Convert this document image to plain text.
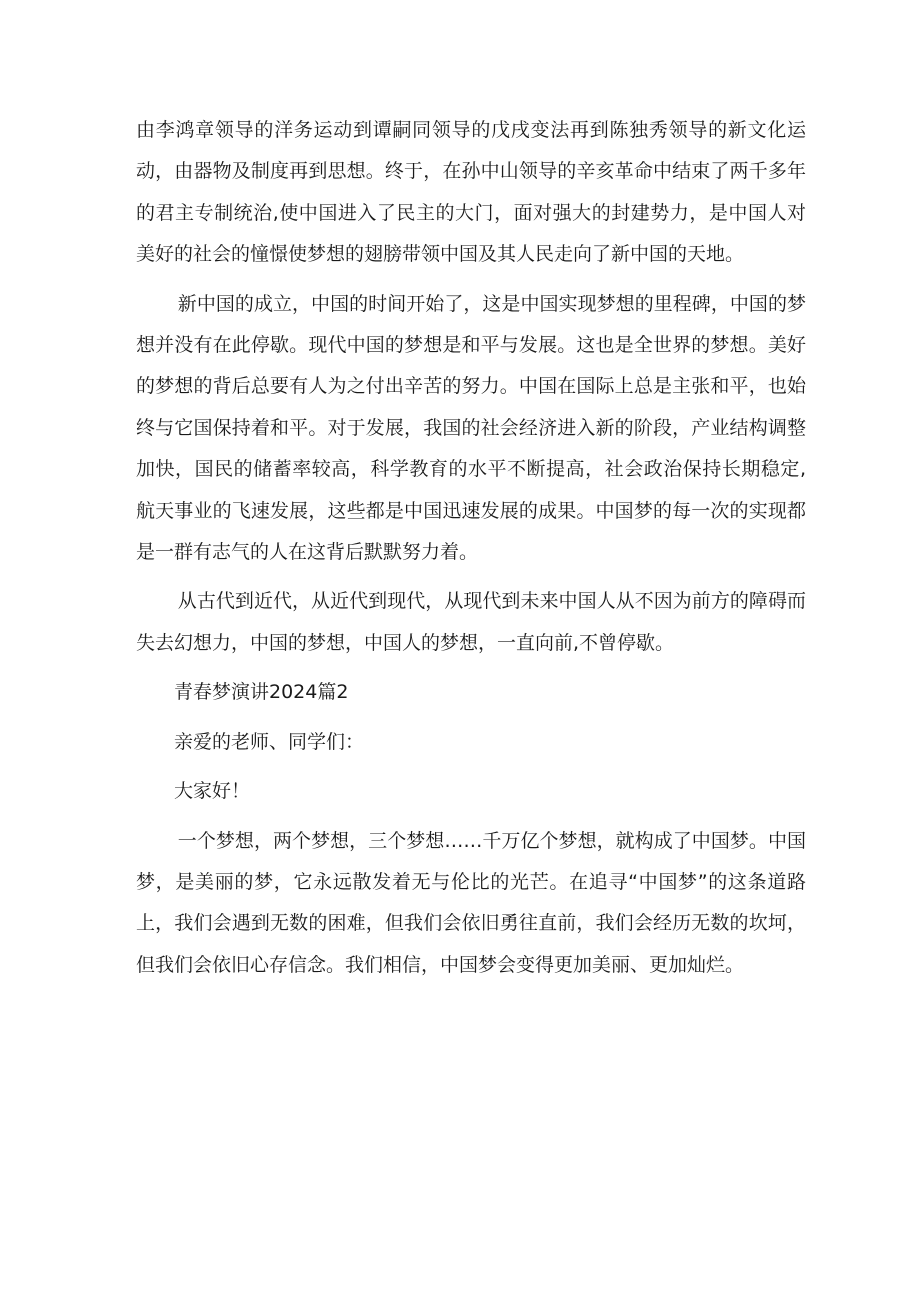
由李鸿章领导的洋务运动到谭嗣同领导的戊戌变法再到陈独秀领导的新文化运动，由器物及制度再到思想。终于，在孙中山领导的辛亥革命中结束了两千多年的君主专制统治,使中国进入了民主的大门，面对强大的封建势力，是中国人对美好的社会的憧憬使梦想的翅膀带领中国及其人民走向了新中国的天地。

新中国的成立，中国的时间开始了，这是中国实现梦想的里程碑，中国的梦想并没有在此停歇。现代中国的梦想是和平与发展。这也是全世界的梦想。美好的梦想的背后总要有人为之付出辛苦的努力。中国在国际上总是主张和平，也始终与它国保持着和平。对于发展，我国的社会经济进入新的阶段，产业结构调整加快，国民的储蓄率较高，科学教育的水平不断提高，社会政治保持长期稳定,航天事业的飞速发展，这些都是中国迅速发展的成果。中国梦的每一次的实现都是一群有志气的人在这背后默默努力着。

从古代到近代，从近代到现代，从现代到未来中国人从不因为前方的障碍而失去幻想力，中国的梦想，中国人的梦想，一直向前,不曾停歇。

青春梦演讲2024篇2

亲爱的老师、同学们：

大家好！

一个梦想，两个梦想，三个梦想……千万亿个梦想，就构成了中国梦。中国梦，是美丽的梦，它永远散发着无与伦比的光芒。在追寻“中国梦”的这条道路上，我们会遇到无数的困难，但我们会依旧勇往直前，我们会经历无数的坎坷，但我们会依旧心存信念。我们相信，中国梦会变得更加美丽、更加灿烂。
